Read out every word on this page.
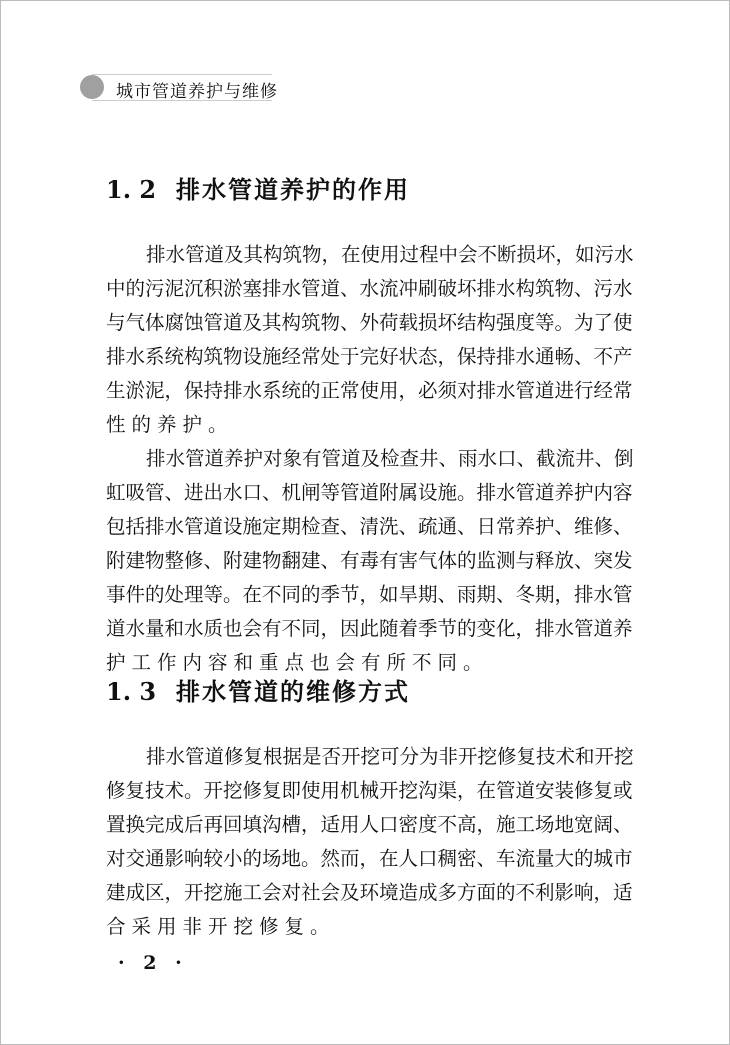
城市管道养护与维修
1. 2 排水管道养护的作用
排水管道及其构筑物，在使用过程中会不断损坏，如污水
中的污泥沉积淤塞排水管道、水流冲刷破坏排水构筑物、污水
与气体腐蚀管道及其构筑物、外荷载损坏结构强度等。为了使
排水系统构筑物设施经常处于完好状态，保持排水通畅、不产
生淤泥，保持排水系统的正常使用，必须对排水管道进行经常
性的养护。
排水管道养护对象有管道及检查井、雨水口、截流井、倒
虹吸管、进出水口、机闸等管道附属设施。排水管道养护内容
包括排水管道设施定期检查、清洗、疏通、日常养护、维修、
附建物整修、附建物翻建、有毒有害气体的监测与释放、突发
事件的处理等。在不同的季节，如旱期、雨期、冬期，排水管
道水量和水质也会有不同，因此随着季节的变化，排水管道养
护工作内容和重点也会有所不同。
1. 3 排水管道的维修方式
排水管道修复根据是否开挖可分为非开挖修复技术和开挖
修复技术。开挖修复即使用机械开挖沟渠，在管道安装修复或
置换完成后再回填沟槽，适用人口密度不高，施工场地宽阔、
对交通影响较小的场地。然而，在人口稠密、车流量大的城市
建成区，开挖施工会对社会及环境造成多方面的不利影响，适
合采用非开挖修复。
· 2 ·
